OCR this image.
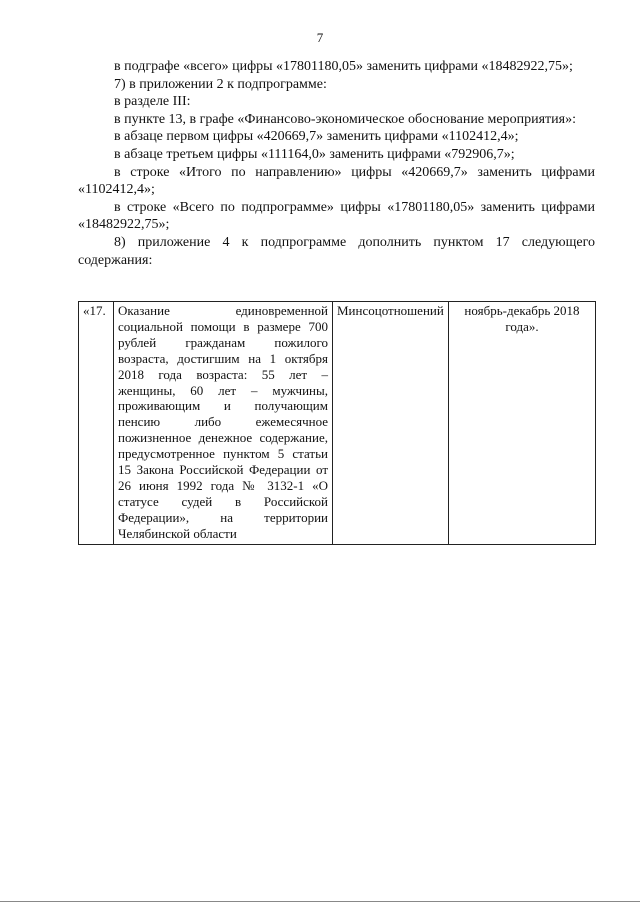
7

в подграфе «всего» цифры «17801180,05» заменить цифрами «18482922,75»;

7) в приложении 2 к подпрограмме:

в разделе III:

в пункте 13, в графе «Финансово-экономическое обоснование мероприятия»:

в абзаце первом цифры «420669,7» заменить цифрами «1102412,4»;

в абзаце третьем цифры «111164,0» заменить цифрами «792906,7»;

в строке «Итого по направлению» цифры «420669,7» заменить цифрами «1102412,4»;

в строке «Всего по подпрограмме» цифры «17801180,05» заменить цифрами «18482922,75»;

8) приложение 4 к подпрограмме дополнить пунктом 17 следующего содержания:

«17.	Оказание единовременной социальной помощи в размере 700 рублей гражданам пожилого возраста, достигшим на 1 октября 2018 года возраста: 55 лет – женщины, 60 лет – мужчины, проживающим и получающим пенсию либо ежемесячное пожизненное денежное содержание, предусмотренное пунктом 5 статьи 15 Закона Российской Федерации от 26 июня 1992 года № 3132-1 «О статусе судей в Российской Федерации», на территории Челябинской области	Минсоцотношений	ноябрь-декабрь 2018 года».
